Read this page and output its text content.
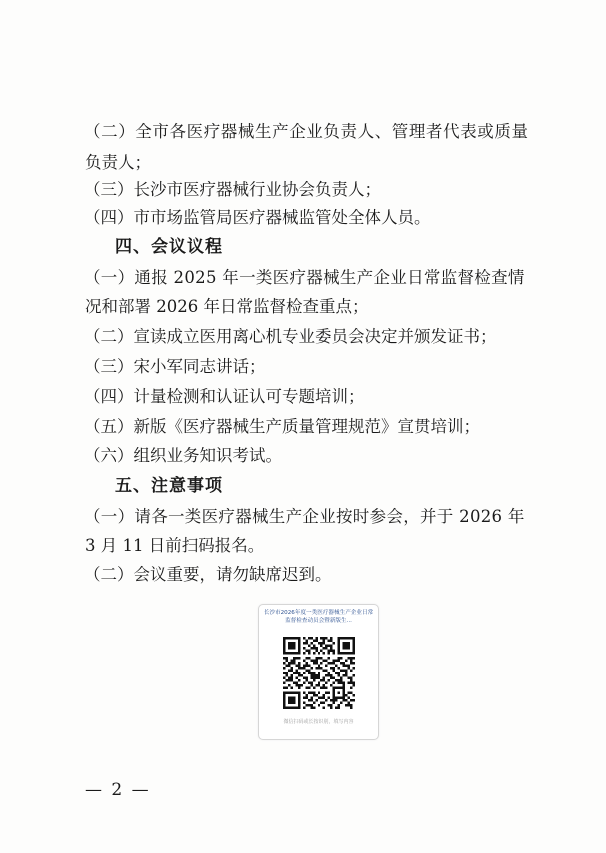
（二）全市各医疗器械生产企业负责人、管理者代表或质量
负责人；
（三）长沙市医疗器械行业协会负责人；
（四）市市场监管局医疗器械监管处全体人员。
四、会议议程
（一）通报 2025 年一类医疗器械生产企业日常监督检查情
况和部署 2026 年日常监督检查重点；
（二）宣读成立医用离心机专业委员会决定并颁发证书；
（三）宋小军同志讲话；
（四）计量检测和认证认可专题培训；
（五）新版《医疗器械生产质量管理规范》宣贯培训；
（六）组织业务知识考试。
五、注意事项
（一）请各一类医疗器械生产企业按时参会，并于 2026 年
3 月 11 日前扫码报名。
（二）会议重要，请勿缺席迟到。
长沙市2026年度一类医疗器械生产企业日常监督检查动员会暨新版生...
微信扫码或长按识别，填写内容
— 2 —
